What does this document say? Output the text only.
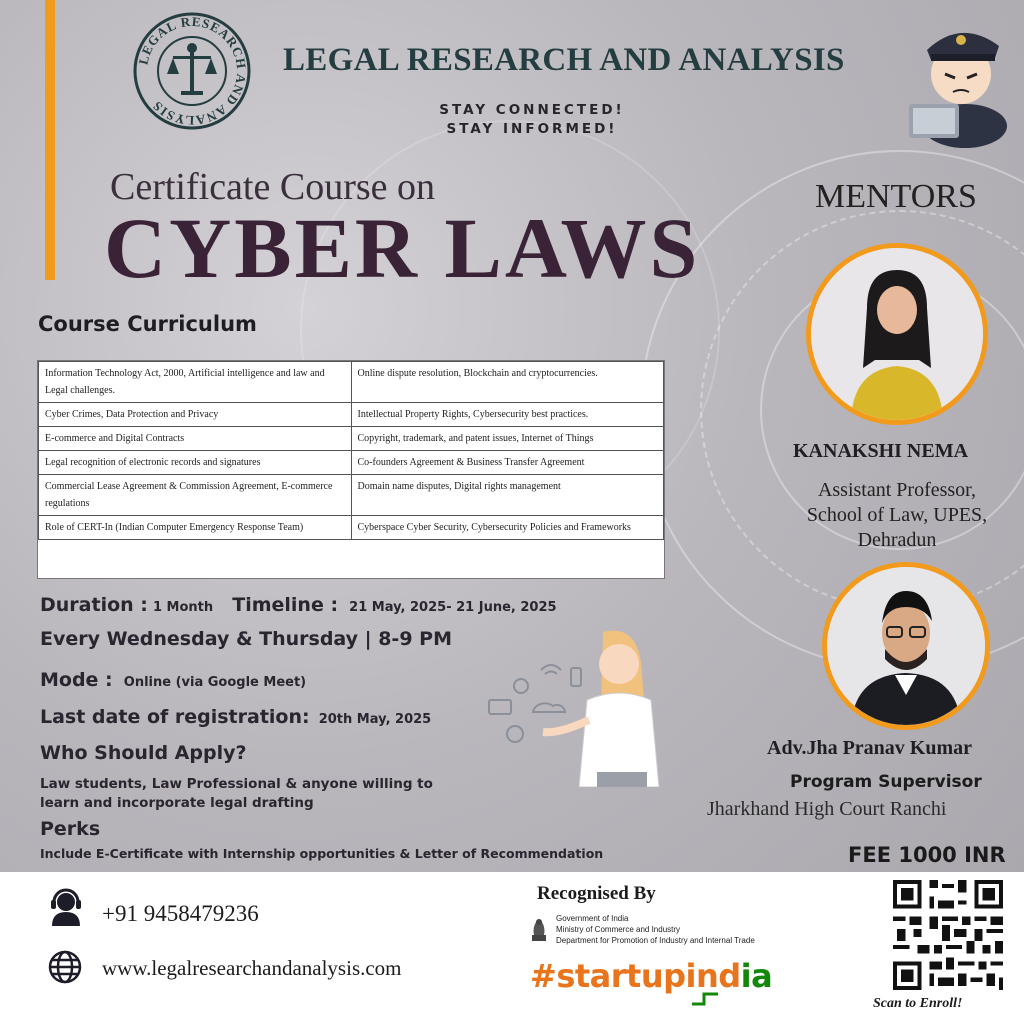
LEGAL RESEARCH AND ANALYSIS
LEGAL RESEARCH AND ANALYSIS
STAY CONNECTED!
STAY INFORMED!
Certificate Course on
CYBER LAWS
MENTORS
Course Curriculum
Information Technology Act, 2000, Artificial intelligence and law and Legal challenges.	Online dispute resolution, Blockchain and cryptocurrencies.
Cyber Crimes, Data Protection and Privacy	Intellectual Property Rights, Cybersecurity best practices.
E-commerce and Digital Contracts	Copyright, trademark, and patent issues, Internet of Things
Legal recognition of electronic records and signatures	Co-founders Agreement & Business Transfer Agreement
Commercial Lease Agreement & Commission Agreement, E-commerce regulations	Domain name disputes, Digital rights management
Role of CERT-In (Indian Computer Emergency Response Team)	Cyberspace Cyber Security, Cybersecurity Policies and Frameworks
Duration : 1 Month Timeline : 21 May, 2025- 21 June, 2025
Every Wednesday & Thursday | 8-9 PM
Mode : Online (via Google Meet)
Last date of registration: 20th May, 2025
Who Should Apply?
Law students, Law Professional & anyone willing to
learn and incorporate legal drafting
Perks
Include E-Certificate with Internship opportunities & Letter of Recommendation
KANAKSHI NEMA
Assistant Professor,
School of Law, UPES,
Dehradun
Adv.Jha Pranav Kumar
Program Supervisor
Jharkhand High Court Ranchi
FEE 1000 INR
+91 9458479236
www.legalresearchandanalysis.com
Recognised By
Government of India
Ministry of Commerce and Industry
Department for Promotion of Industry and Internal Trade
#startupindia
Scan to Enroll!
